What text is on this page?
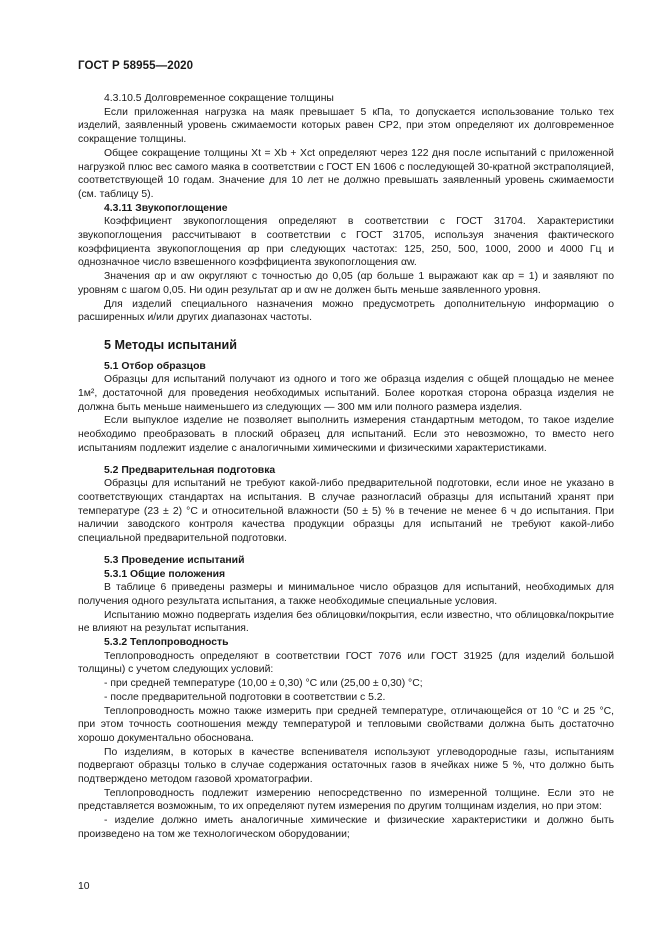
ГОСТ Р 58955—2020

4.3.10.5 Долговременное сокращение толщины

Если приложенная нагрузка на маяк превышает 5 кПа, то допускается использование только тех изделий, заявленный уровень сжимаемости которых равен СР2, при этом определяют их долговременное сокращение толщины.

Общее сокращение толщины Xt = Xb + Xct определяют через 122 дня после испытаний с приложенной нагрузкой плюс вес самого маяка в соответствии с ГОСТ EN 1606 с последующей 30-кратной экстраполяцией, соответствующей 10 годам. Значение для 10 лет не должно превышать заявленный уровень сжимаемости (см. таблицу 5).

4.3.11 Звукопоглощение

Коэффициент звукопоглощения определяют в соответствии с ГОСТ 31704. Характеристики звукопоглощения рассчитывают в соответствии с ГОСТ 31705, используя значения фактического коэффициента звукопоглощения αp при следующих частотах: 125, 250, 500, 1000, 2000 и 4000 Гц и однозначное число взвешенного коэффициента звукопоглощения αw.

Значения αp и αw округляют с точностью до 0,05 (αp больше 1 выражают как αp = 1) и заявляют по уровням с шагом 0,05. Ни один результат αp и αw не должен быть меньше заявленного уровня.

Для изделий специального назначения можно предусмотреть дополнительную информацию о расширенных и/или других диапазонах частоты.

5 Методы испытаний

5.1 Отбор образцов

Образцы для испытаний получают из одного и того же образца изделия с общей площадью не менее 1м², достаточной для проведения необходимых испытаний. Более короткая сторона образца изделия не должна быть меньше наименьшего из следующих — 300 мм или полного размера изделия.

Если выпуклое изделие не позволяет выполнить измерения стандартным методом, то такое изделие необходимо преобразовать в плоский образец для испытаний. Если это невозможно, то вместо него испытаниям подлежит изделие с аналогичными химическими и физическими характеристиками.

5.2 Предварительная подготовка

Образцы для испытаний не требуют какой-либо предварительной подготовки, если иное не указано в соответствующих стандартах на испытания. В случае разногласий образцы для испытаний хранят при температуре (23 ± 2) °С и относительной влажности (50 ± 5) % в течение не менее 6 ч до испытания. При наличии заводского контроля качества продукции образцы для испытаний не требуют какой-либо специальной предварительной подготовки.

5.3 Проведение испытаний

5.3.1 Общие положения

В таблице 6 приведены размеры и минимальное число образцов для испытаний, необходимых для получения одного результата испытания, а также необходимые специальные условия.

Испытанию можно подвергать изделия без облицовки/покрытия, если известно, что облицовка/покрытие не влияют на результат испытания.

5.3.2 Теплопроводность

Теплопроводность определяют в соответствии ГОСТ 7076 или ГОСТ 31925 (для изделий большой толщины) с учетом следующих условий:

- при средней температуре (10,00 ± 0,30) °С или (25,00 ± 0,30) °С;

- после предварительной подготовки в соответствии с 5.2.

Теплопроводность можно также измерить при средней температуре, отличающейся от 10 °С и 25 °С, при этом точность соотношения между температурой и тепловыми свойствами должна быть достаточно хорошо документально обоснована.

По изделиям, в которых в качестве вспенивателя используют углеводородные газы, испытаниям подвергают образцы только в случае содержания остаточных газов в ячейках ниже 5 %, что должно быть подтверждено методом газовой хроматографии.

Теплопроводность подлежит измерению непосредственно по измеренной толщине. Если это не представляется возможным, то их определяют путем измерения по другим толщинам изделия, но при этом:

- изделие должно иметь аналогичные химические и физические характеристики и должно быть произведено на том же технологическом оборудовании;

10
